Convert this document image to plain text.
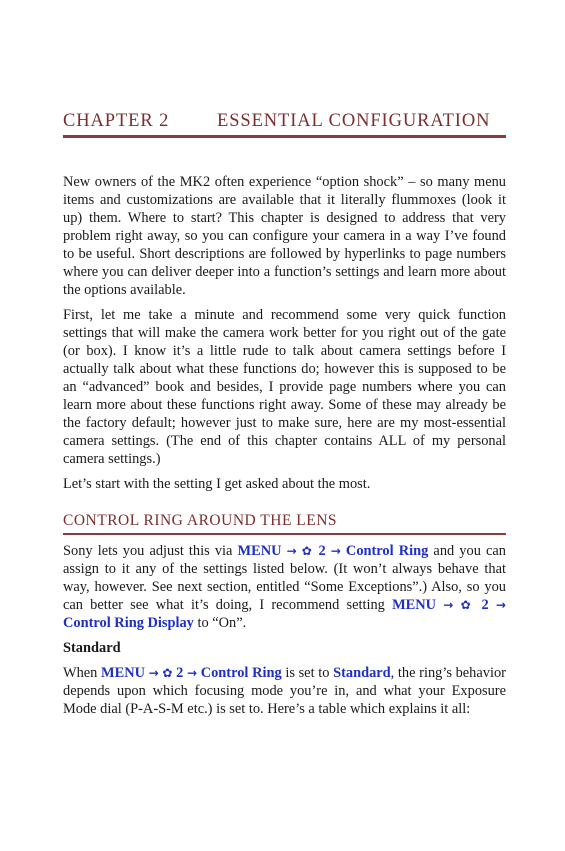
CHAPTER 2	ESSENTIAL CONFIGURATION

New owners of the MK2 often experience “option shock” – so many menu items and customizations are available that it literally flummoxes (look it up) them. Where to start? This chapter is designed to address that very problem right away, so you can configure your camera in a way I’ve found to be useful. Short descriptions are followed by hyperlinks to page numbers where you can deliver deeper into a function’s settings and learn more about the options available.

First, let me take a minute and recommend some very quick function settings that will make the camera work better for you right out of the gate (or box). I know it’s a little rude to talk about camera settings before I actually talk about what these functions do; however this is supposed to be an “advanced” book and besides, I provide page numbers where you can learn more about these functions right away. Some of these may already be the factory default; however just to make sure, here are my most-essential camera settings. (The end of this chapter contains ALL of my personal camera settings.)

Let’s start with the setting I get asked about the most.

CONTROL RING AROUND THE LENS

Sony lets you adjust this via MENU → ✿ 2 → Control Ring and you can assign to it any of the settings listed below. (It won’t always behave that way, however. See next section, entitled “Some Exceptions”.) Also, so you can better see what it’s doing, I recommend setting MENU → ✿ 2 → Control Ring Display to “On”.

Standard

When MENU → ✿ 2 → Control Ring is set to Standard, the ring’s behavior depends upon which focusing mode you’re in, and what your Exposure Mode dial (P-A-S-M etc.) is set to. Here’s a table which explains it all:
